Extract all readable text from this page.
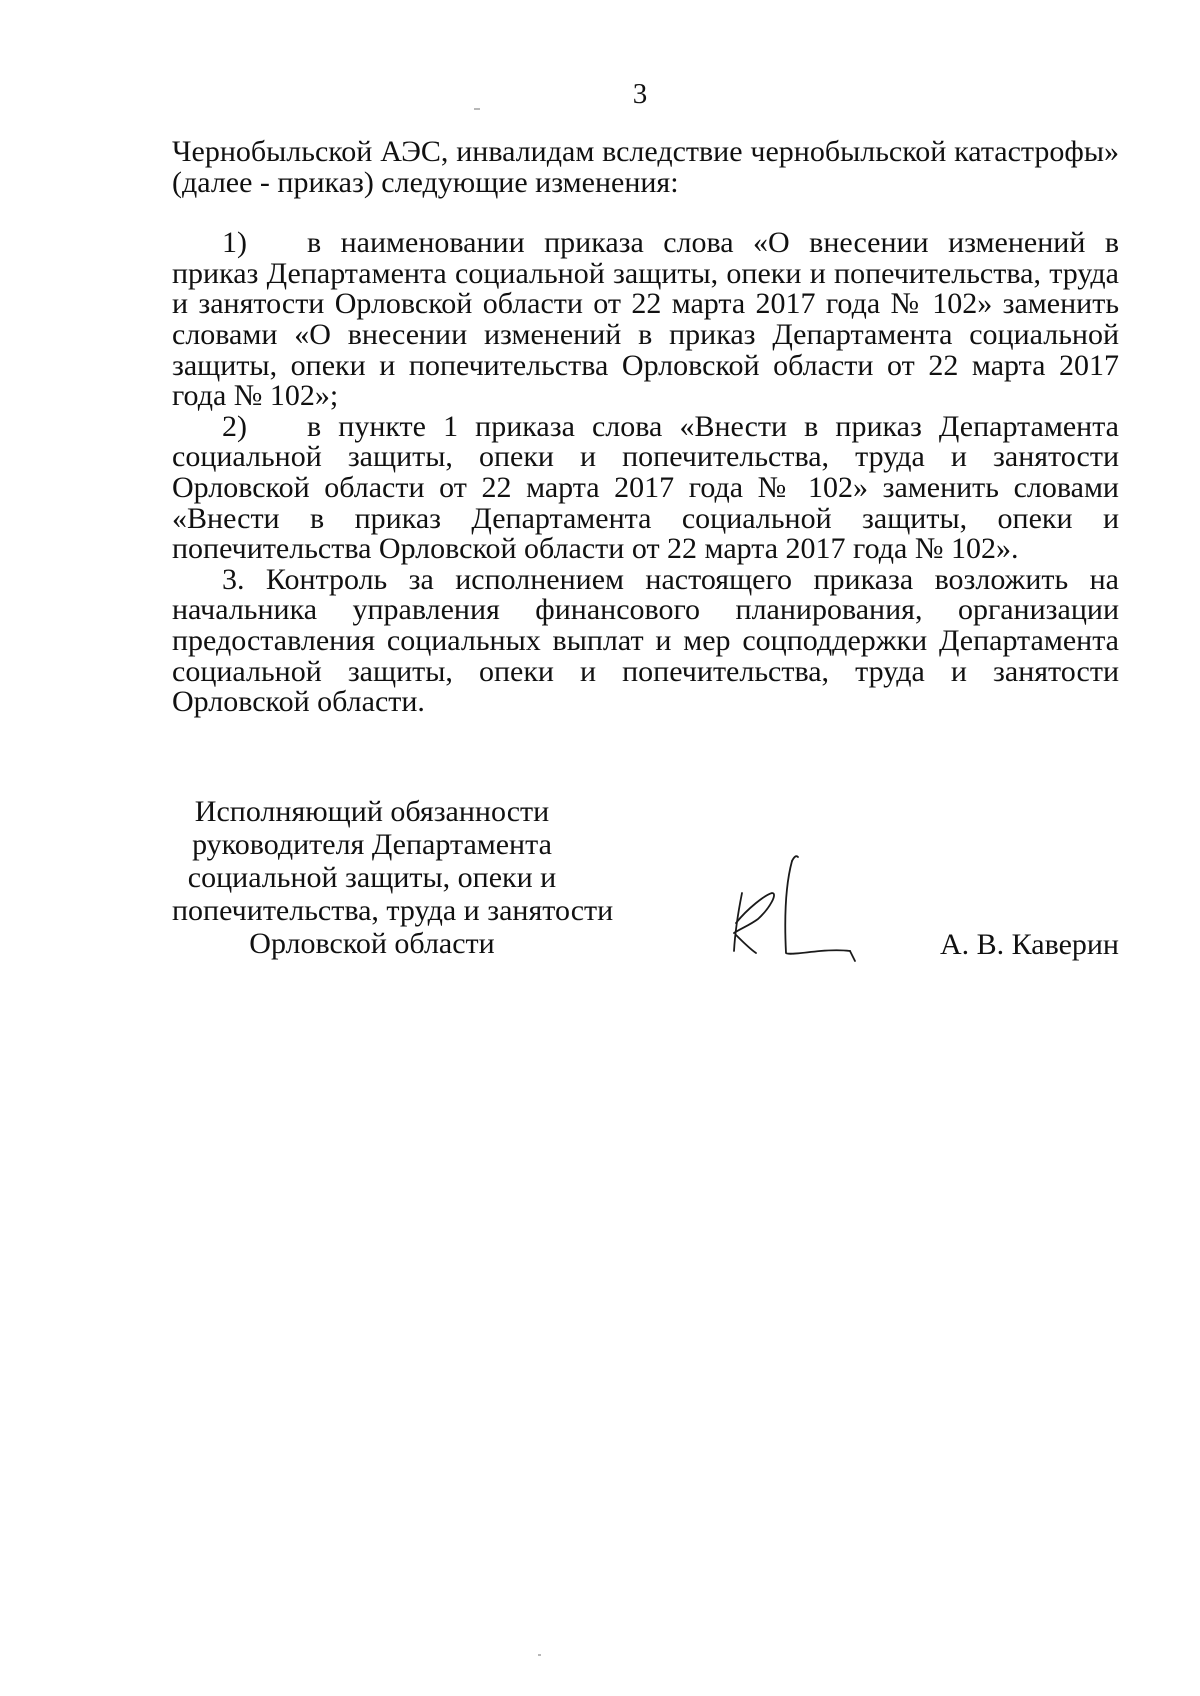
3

Чернобыльской АЭС, инвалидам вследствие чернобыльской катастрофы» (далее - приказ) следующие изменения:

1) в наименовании приказа слова «О внесении изменений в приказ Департамента социальной защиты, опеки и попечительства, труда и занятости Орловской области от 22 марта 2017 года № 102» заменить словами «О внесении изменений в приказ Департамента социальной защиты, опеки и попечительства Орловской области от 22 марта 2017 года № 102»;

2) в пункте 1 приказа слова «Внести в приказ Департамента социальной защиты, опеки и попечительства, труда и занятости Орловской области от 22 марта 2017 года № 102» заменить словами «Внести в приказ Департамента социальной защиты, опеки и попечительства Орловской области от 22 марта 2017 года № 102».

3. Контроль за исполнением настоящего приказа возложить на начальника управления финансового планирования, организации предоставления социальных выплат и мер соцподдержки Департамента социальной защиты, опеки и попечительства, труда и занятости Орловской области.

Исполняющий обязанности
руководителя Департамента
социальной защиты, опеки и
попечительства, труда и занятости
Орловской области	А. В. Каверин
